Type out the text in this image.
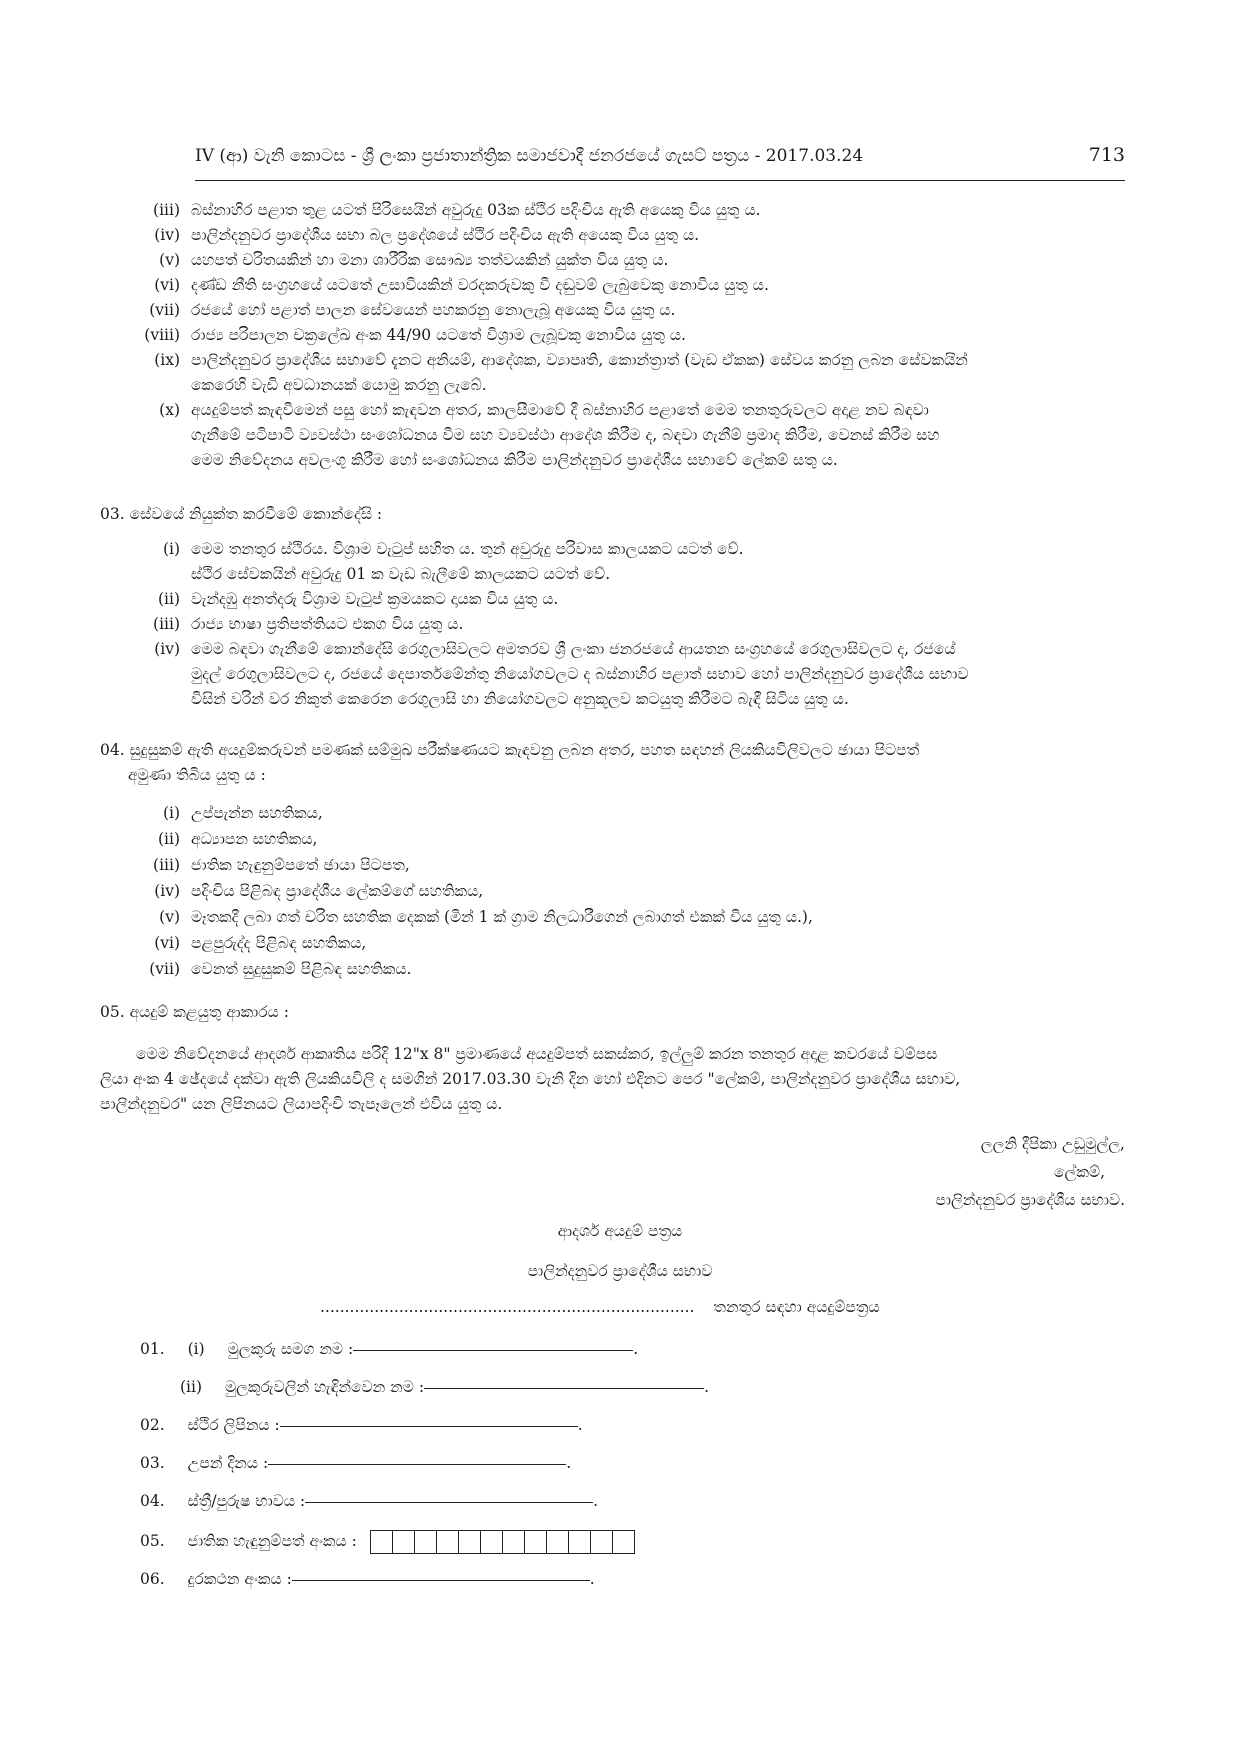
IV (ආ) වැනි කොටස - ශ්‍රී ලංකා ප්‍රජාතාන්ත්‍රික සමාජවාදී ජනරජයේ ගැසට් පත්‍රය - 2017.03.24	713
(iii) බස්නාහිර පළාත තුළ යටත් පිරිසෙයින් අවුරුදු 03ක ස්ථිර පදිංචිය ඇති අයෙකු විය යුතු ය.
(iv) පාලින්දනුවර ප්‍රාදේශීය සභා බල ප්‍රදේශයේ ස්ථිර පදිංචිය ඇති අයෙකු විය යුතු ය.
(v) යහපත් චරිතයකින් හා මනා ශාරීරික සෞඛ්‍ය තත්වයකින් යුක්ත විය යුතු ය.
(vi) දණ්ඩ නීති සංග්‍රහයේ යටතේ උසාවියකින් වරදකරුවකු වී දඬුවම් ලැබුවෙකු නොවිය යුතු ය.
(vii) රජයේ හෝ පළාත් පාලන සේවයෙන් පහකරනු නොලැබූ අයෙකු විය යුතු ය.
(viii) රාජ්‍ය පරිපාලන චක්‍රලේඛ අංක 44/90 යටතේ විශ්‍රාම ලැබූවකු නොවිය යුතු ය.
(ix) පාලින්දනුවර ප්‍රාදේශීය සභාවේ දැනට අනියම්, ආදේශක, ව්‍යාපෘති, කොන්ත්‍රාත් (වැඩ ඒකක) සේවය කරනු ලබන සේවකයින්
කෙරෙහි වැඩි අවධානයක් යොමු කරනු ලැබේ.
(x) අයදුම්පත් කැඳවීමෙන් පසු හෝ කැඳවන අතර, කාලසීමාවේ දී බස්නාහිර පළාතේ මෙම තනතුරුවලට අදාළ නව බඳවා
ගැනීමේ පටිපාටි ව්‍යවස්ථා සංශෝධනය වීම සහ ව්‍යවස්ථා ආදේශ කිරීම ද, බඳවා ගැනීම් ප්‍රමාද කිරීම, වෙනස් කිරීම සහ
මෙම නිවේදනය අවලංගු කිරීම හෝ සංශෝධනය කිරීම පාලින්දනුවර ප්‍රාදේශීය සභාවේ ලේකම් සතු ය.
03. සේවයේ නියුක්ත කරවීමේ කොන්දේසි :
(i) මෙම තනතුර ස්ථිරය. විශ්‍රාම වැටුප් සහිත ය. තුන් අවුරුදු පරිවාස කාලයකට යටත් වේ.
ස්ථිර සේවකයින් අවුරුදු 01 ක වැඩ බැලීමේ කාලයකට යටත් වේ.
(ii) වැන්දඹු අනත්දරු විශ්‍රාම වැටුප් ක්‍රමයකට දායක විය යුතු ය.
(iii) රාජ්‍ය භාෂා ප්‍රතිපත්තියට එකග විය යුතු ය.
(iv) මෙම බඳවා ගැනීමේ කොන්දේසි රෙගුලාසිවලට අමතරව ශ්‍රී ලංකා ජනරජයේ ආයතන සංග්‍රහයේ රෙගුලාසිවලට ද, රජයේ
මුදල් රෙගුලාසිවලට ද, රජයේ දෙපාර්තමේන්තු නියෝගවලට ද බස්නාහිර පළාත් සභාව හෝ පාලින්දනුවර ප්‍රාදේශීය සභාව
විසින් වරින් වර නිකුත් කෙරෙන රෙගුලාසි හා නියෝගවලට අනුකූලව කටයුතු කිරීමට බැඳී සිටිය යුතු ය.
04. සුදුසුකම් ඇති අයදුම්කරුවන් පමණක් සම්මුඛ පරීක්ෂණයට කැඳවනු ලබන අතර, පහත සඳහන් ලියකියවිලිවලට ඡායා පිටපත්
අමුණා තිබිය යුතු ය :
(i) උප්පැන්න සහතිකය,
(ii) අධ්‍යාපන සහතිකය,
(iii) ජාතික හැඳුනුම්පතේ ඡායා පිටපත,
(iv) පදිංචිය පිළිබඳ ප්‍රාදේශීය ලේකම්ගේ සහතිකය,
(v) මෑතකදී ලබා ගත් චරිත සහතික දෙකක් (මින් 1 ක් ග්‍රාම නිලධාරීගෙන් ලබාගත් එකක් විය යුතු ය.),
(vi) පළපුරුද්ද පිළිබඳ සහතිකය,
(vii) වෙනත් සුදුසුකම් පිළිබඳ සහතිකය.
05. අයදුම් කළයුතු ආකාරය :
මෙම නිවේදනයේ ආදර්ශ ආකෘතිය පරිදි 12"x 8" ප්‍රමාණයේ අයදුම්පත් සකස්කර, ඉල්ලුම් කරන තනතුර අදාළ කවරයේ වම්පස
ලියා අංක 4 ඡේදයේ දක්වා ඇති ලියකියවිලි ද සමගින් 2017.03.30 වැනි දින හෝ එදිනට පෙර "ලේකම්, පාලින්දනුවර ප්‍රාදේශීය සභාව,
පාලින්දනුවර" යන ලිපිනයට ලියාපදිංචි තැපෑලෙන් එවිය යුතු ය.
ලලනි දීපිකා උඩුමුල්ල,
ලේකම්,
පාලින්දනුවර ප්‍රාදේශීය සභාව.
ආදර්ශ අයදුම් පත්‍රය
පාලින්දනුවර ප්‍රාදේශීය සභාව
............................................................................ තනතුර සඳහා අයදුම්පත්‍රය
01. (i) මුලකුරු සමග නම :	.
(ii) මුලකුරුවලින් හැඳින්වෙන නම :	.
02. ස්ථිර ලිපිනය :	.
03. උපන් දිනය :	.
04. ස්ත්‍රී/පුරුෂ භාවය :	.
05. ජාතික හැඳුනුම්පත් අංකය :
06. දුරකථන අංකය :	.
